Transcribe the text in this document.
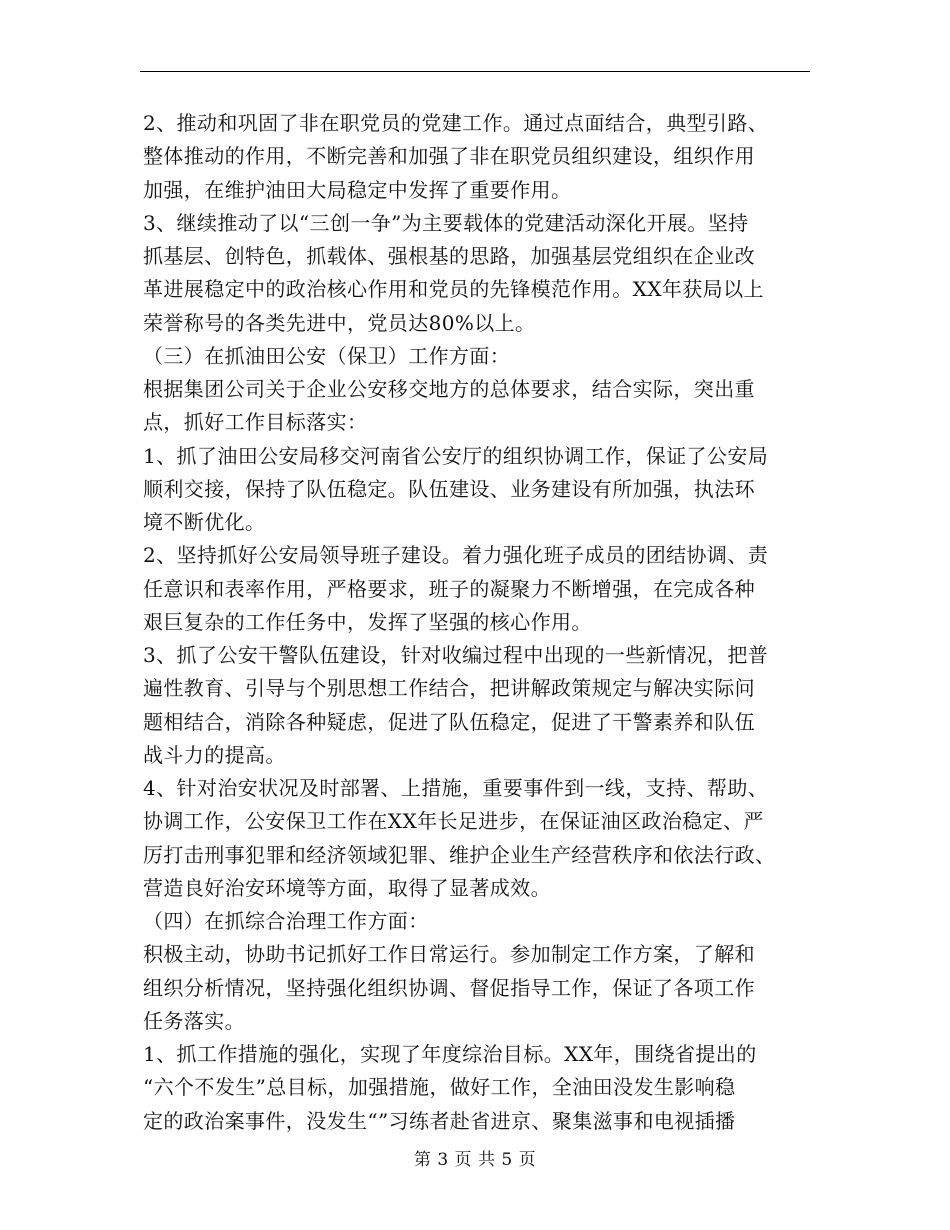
2、推动和巩固了非在职党员的党建工作。通过点面结合，典型引路、
整体推动的作用，不断完善和加强了非在职党员组织建设，组织作用
加强，在维护油田大局稳定中发挥了重要作用。
3、继续推动了以“三创一争”为主要载体的党建活动深化开展。坚持
抓基层、创特色，抓载体、强根基的思路，加强基层党组织在企业改
革进展稳定中的政治核心作用和党员的先锋模范作用。XX年获局以上
荣誉称号的各类先进中，党员达80%以上。
（三）在抓油田公安（保卫）工作方面：
根据集团公司关于企业公安移交地方的总体要求，结合实际，突出重
点，抓好工作目标落实：
1、抓了油田公安局移交河南省公安厅的组织协调工作，保证了公安局
顺利交接，保持了队伍稳定。队伍建设、业务建设有所加强，执法环
境不断优化。
2、坚持抓好公安局领导班子建设。着力强化班子成员的团结协调、责
任意识和表率作用，严格要求，班子的凝聚力不断增强，在完成各种
艰巨复杂的工作任务中，发挥了坚强的核心作用。
3、抓了公安干警队伍建设，针对收编过程中出现的一些新情况，把普
遍性教育、引导与个别思想工作结合，把讲解政策规定与解决实际问
题相结合，消除各种疑虑，促进了队伍稳定，促进了干警素养和队伍
战斗力的提高。
4、针对治安状况及时部署、上措施，重要事件到一线，支持、帮助、
协调工作，公安保卫工作在XX年长足进步，在保证油区政治稳定、严
厉打击刑事犯罪和经济领域犯罪、维护企业生产经营秩序和依法行政、
营造良好治安环境等方面，取得了显著成效。
（四）在抓综合治理工作方面：
积极主动，协助书记抓好工作日常运行。参加制定工作方案，了解和
组织分析情况，坚持强化组织协调、督促指导工作，保证了各项工作
任务落实。
1、抓工作措施的强化，实现了年度综治目标。XX年，围绕省提出的
“六个不发生”总目标，加强措施，做好工作，全油田没发生影响稳
定的政治案事件，没发生“”习练者赴省进京、聚集滋事和电视插播
第 3 页 共 5 页
